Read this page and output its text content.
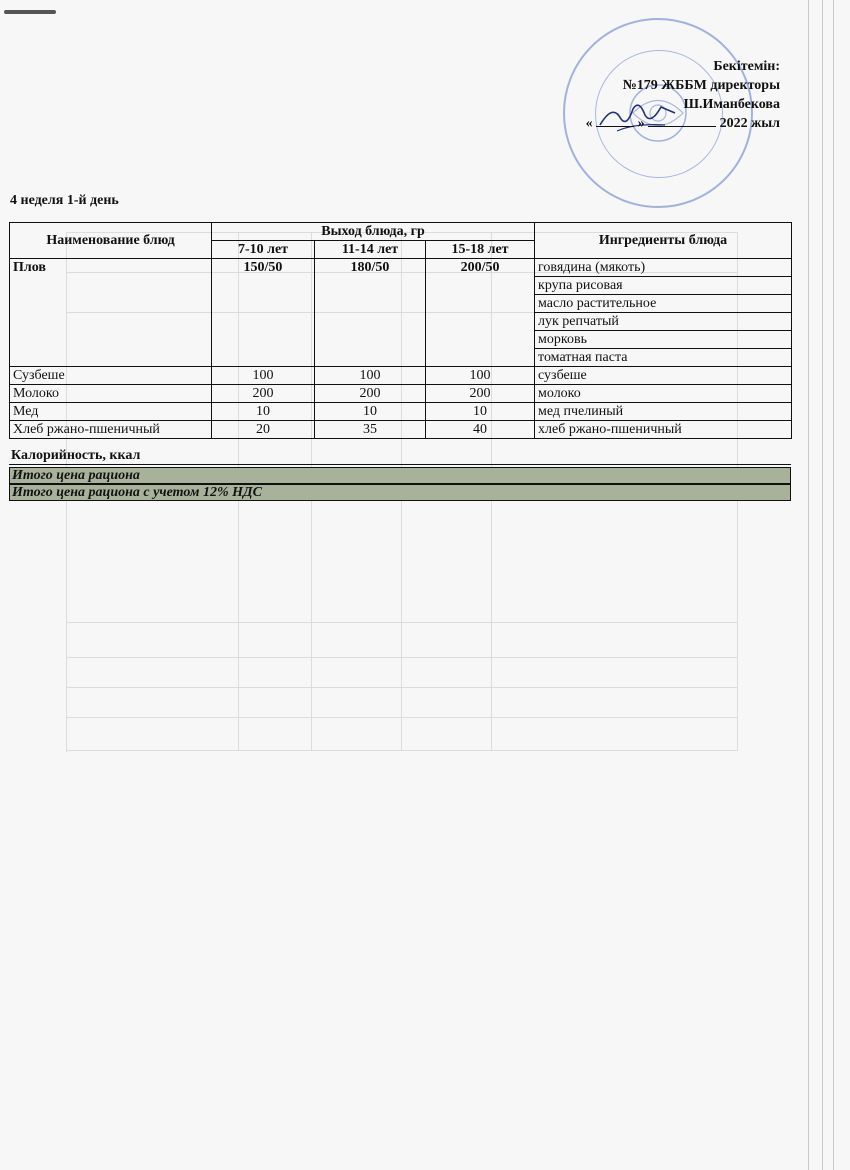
Бекітемін:
№179 ЖББМ директоры
Ш.Иманбекова
«	»	2022 жыл
4 неделя 1-й день
Наименование блюд	Выход блюда, гр			Ингредиенты блюда
	7-10 лет	11-14 лет	15-18 лет	
Плов	150/50	180/50	200/50	говядина (мякоть)
				крупа рисовая
				масло растительное
				лук репчатый
				морковь
				томатная паста
Сузбеше	100	100	100	сузбеше
Молоко	200	200	200	молоко
Мед	10	10	10	мед пчелиный
Хлеб ржано-пшеничный	20	35	40	хлеб ржано-пшеничный
Калорийность, ккал
Итого цена рациона
Итого цена рациона с учетом 12% НДС
